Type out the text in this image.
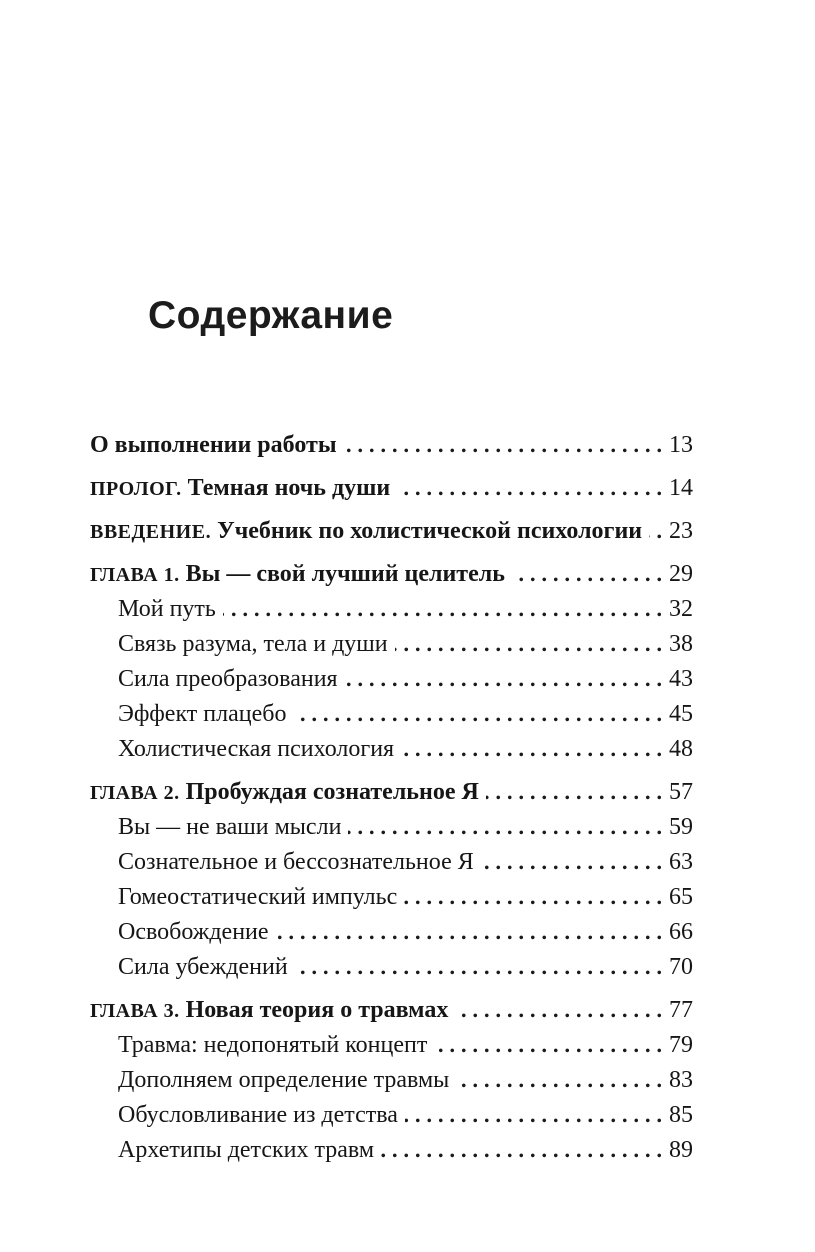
Содержание
О выполнении работы	13
ПРОЛОГ. Темная ночь души	14
ВВЕДЕНИЕ. Учебник по холистической психологии 23
ГЛАВА 1. Вы — свой лучший целитель	29
Мой путь	32
Связь разума, тела и души	38
Сила преобразования	43
Эффект плацебо	45
Холистическая психология	48
ГЛАВА 2. Пробуждая сознательное Я	57
Вы — не ваши мысли	59
Сознательное и бессознательное Я	63
Гомеостатический импульс	65
Освобождение	66
Сила убеждений	70
ГЛАВА 3. Новая теория о травмах	77
Травма: недопонятый концепт	79
Дополняем определение травмы	83
Обусловливание из детства	85
Архетипы детских травм	89
